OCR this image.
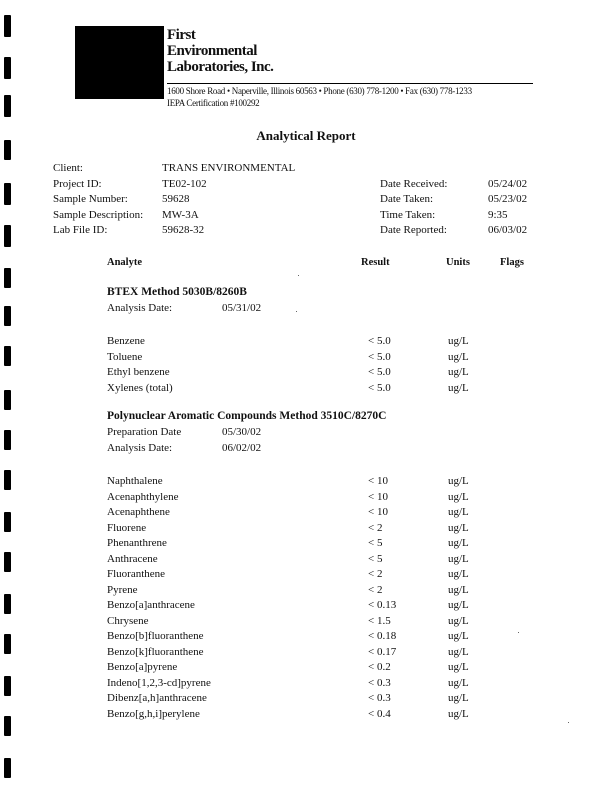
First
Environmental
Laboratories, Inc.
1600 Shore Road • Naperville, Illinois 60563 • Phone (630) 778-1200 • Fax (630) 778-1233
IEPA Certification #100292
Analytical Report
Client:	TRANS ENVIRONMENTAL
Project ID:	TE02-102
Sample Number:	59628
Sample Description: MW-3A
Lab File ID:	59628-32
Date Received:	05/24/02
Date Taken:	05/23/02
Time Taken:	9:35
Date Reported:	06/03/02
Analyte	Result	Units	Flags
BTEX Method 5030B/8260B
Analysis Date:	05/31/02
Benzene	< 5.0	ug/L
Toluene	< 5.0	ug/L
Ethyl benzene	< 5.0	ug/L
Xylenes (total)	< 5.0	ug/L
Polynuclear Aromatic Compounds Method 3510C/8270C
Preparation Date	05/30/02
Analysis Date:	06/02/02
Naphthalene	< 10	ug/L
Acenaphthylene	< 10	ug/L
Acenaphthene	< 10	ug/L
Fluorene	< 2	ug/L
Phenanthrene	< 5	ug/L
Anthracene	< 5	ug/L
Fluoranthene	< 2	ug/L
Pyrene	< 2	ug/L
Benzo[a]anthracene	< 0.13	ug/L
Chrysene	< 1.5	ug/L
Benzo[b]fluoranthene	< 0.18	ug/L
Benzo[k]fluoranthene	< 0.17	ug/L
Benzo[a]pyrene	< 0.2	ug/L
Indeno[1,2,3-cd]pyrene	< 0.3	ug/L
Dibenz[a,h]anthracene	< 0.3	ug/L
Benzo[g,h,i]perylene	< 0.4	ug/L
